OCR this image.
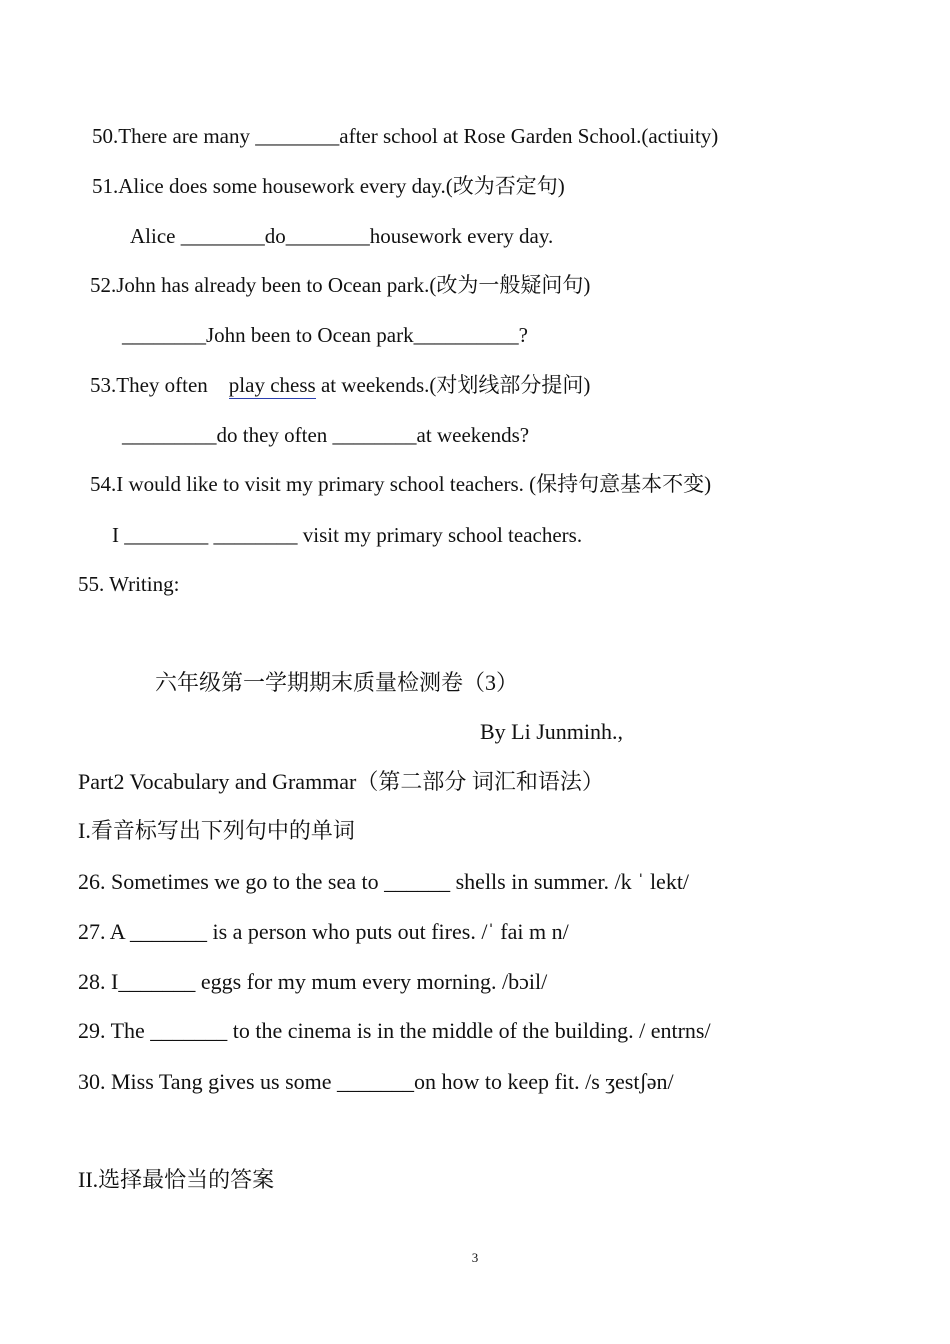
50.There are many ________after school at Rose Garden School.(actiuity)
51.Alice does some housework every day.(改为否定句)
Alice ________do________housework every day.
52.John has already been to Ocean park.(改为一般疑问句)
________John been to Ocean park__________?
53.They often play chess at weekends.(对划线部分提问)
_________do they often ________at weekends?
54.I would like to visit my primary school teachers. (保持句意基本不变)
I ________ ________ visit my primary school teachers.
55. Writing:
六年级第一学期期末质量检测卷（3）
By Li Junminh.,
Part2 Vocabulary and Grammar（第二部分 词汇和语法）
I.看音标写出下列句中的单词
26. Sometimes we go to the sea to ______ shells in summer. /k ˈ lekt/
27. A _______ is a person who puts out fires. /ˈ fai m n/
28. I_______ eggs for my mum every morning. /bɔil/
29. The _______ to the cinema is in the middle of the building. / entrns/
30. Miss Tang gives us some _______on how to keep fit. /s ʒestʃən/
II.选择最恰当的答案
3
